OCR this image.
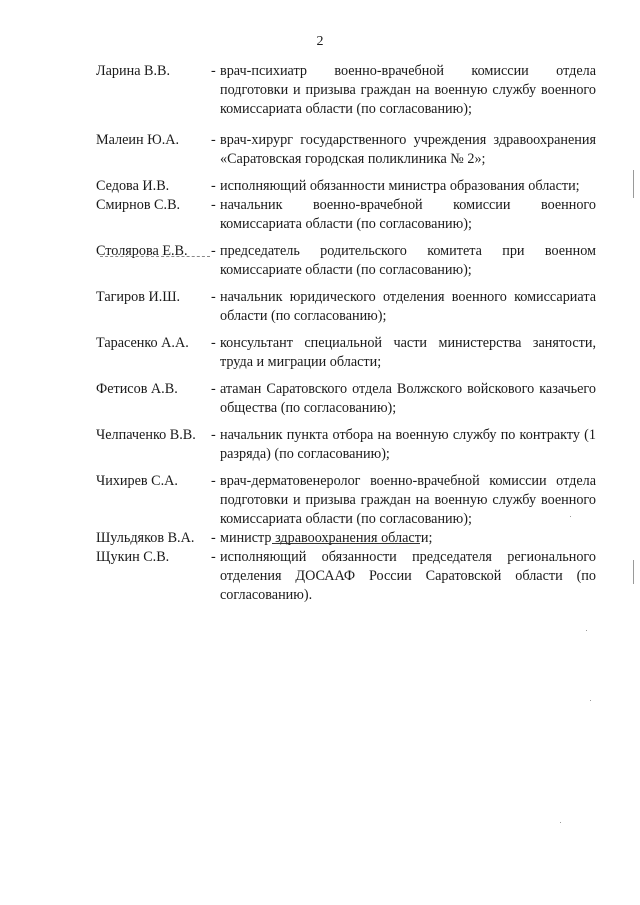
2
Ларина В.В.	- врач-психиатр военно-врачебной комиссии отдела подготовки и призыва граждан на военную службу военного комиссариата области (по согласованию);
Малеин Ю.А.	- врач-хирург государственного учреждения здравоохранения «Саратовская городская поликлиника № 2»;
Седова И.В.	- исполняющий обязанности министра образования области;
Смирнов С.В.	- начальник военно-врачебной комиссии военного комиссариата области (по согласованию);
Столярова Е.В.	- председатель родительского комитета при военном комиссариате области (по согласованию);
Тагиров И.Ш.	- начальник юридического отделения военного комиссариата области (по согласованию);
Тарасенко А.А.	- консультант специальной части министерства занятости, труда и миграции области;
Фетисов А.В.	- атаман Саратовского отдела Волжского войскового казачьего общества (по согласованию);
Челпаченко В.В.	- начальник пункта отбора на военную службу по контракту (1 разряда) (по согласованию);
Чихирев С.А.	- врач-дерматовенеролог военно-врачебной комиссии отдела подготовки и призыва граждан на военную службу военного комиссариата области (по согласованию);
Шульдяков В.А.	- министр здравоохранения области;
Щукин С.В.	- исполняющий обязанности председателя регионального отделения ДОСААФ России Саратовской области (по согласованию).
